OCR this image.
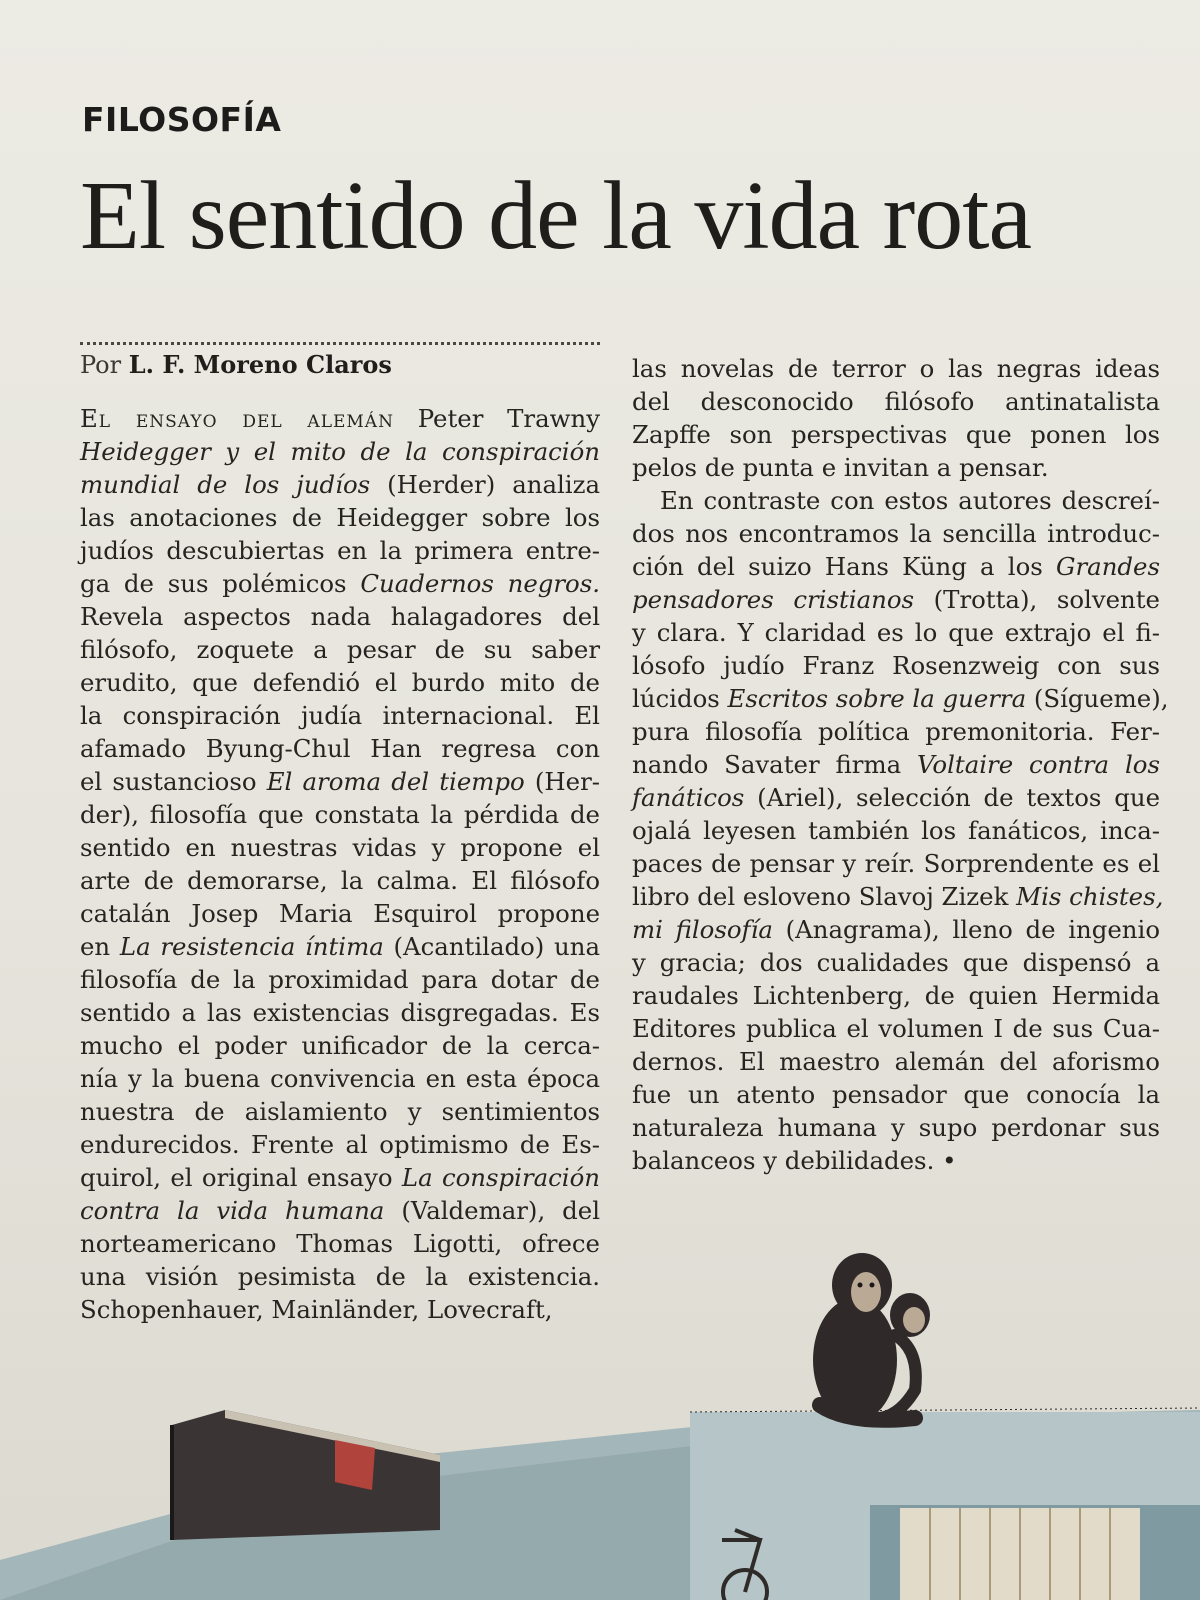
FILOSOFÍA
El sentido de la vida rota

Por L. F. Moreno Claros

El ensayo del alemán Peter Trawny
Heidegger y el mito de la conspiración
mundial de los judíos (Herder) analiza
las anotaciones de Heidegger sobre los
judíos descubiertas en la primera entre-
ga de sus polémicos Cuadernos negros.
Revela aspectos nada halagadores del
filósofo, zoquete a pesar de su saber
erudito, que defendió el burdo mito de
la conspiración judía internacional. El
afamado Byung-Chul Han regresa con
el sustancioso El aroma del tiempo (Her-
der), filosofía que constata la pérdida de
sentido en nuestras vidas y propone el
arte de demorarse, la calma. El filósofo
catalán Josep Maria Esquirol propone
en La resistencia íntima (Acantilado) una
filosofía de la proximidad para dotar de
sentido a las existencias disgregadas. Es
mucho el poder unificador de la cerca-
nía y la buena convivencia en esta época
nuestra de aislamiento y sentimientos
endurecidos. Frente al optimismo de Es-
quirol, el original ensayo La conspiración
contra la vida humana (Valdemar), del
norteamericano Thomas Ligotti, ofrece
una visión pesimista de la existencia.
Schopenhauer, Mainländer, Lovecraft,
las novelas de terror o las negras ideas
del desconocido filósofo antinatalista
Zapffe son perspectivas que ponen los
pelos de punta e invitan a pensar.
En contraste con estos autores descreí-
dos nos encontramos la sencilla introduc-
ción del suizo Hans Küng a los Grandes
pensadores cristianos (Trotta), solvente
y clara. Y claridad es lo que extrajo el fi-
lósofo judío Franz Rosenzweig con sus
lúcidos Escritos sobre la guerra (Sígueme),
pura filosofía política premonitoria. Fer-
nando Savater firma Voltaire contra los
fanáticos (Ariel), selección de textos que
ojalá leyesen también los fanáticos, inca-
paces de pensar y reír. Sorprendente es el
libro del esloveno Slavoj Zizek Mis chistes,
mi filosofía (Anagrama), lleno de ingenio
y gracia; dos cualidades que dispensó a
raudales Lichtenberg, de quien Hermida
Editores publica el volumen I de sus Cua-
dernos. El maestro alemán del aforismo
fue un atento pensador que conocía la
naturaleza humana y supo perdonar sus
balanceos y debilidades. •
